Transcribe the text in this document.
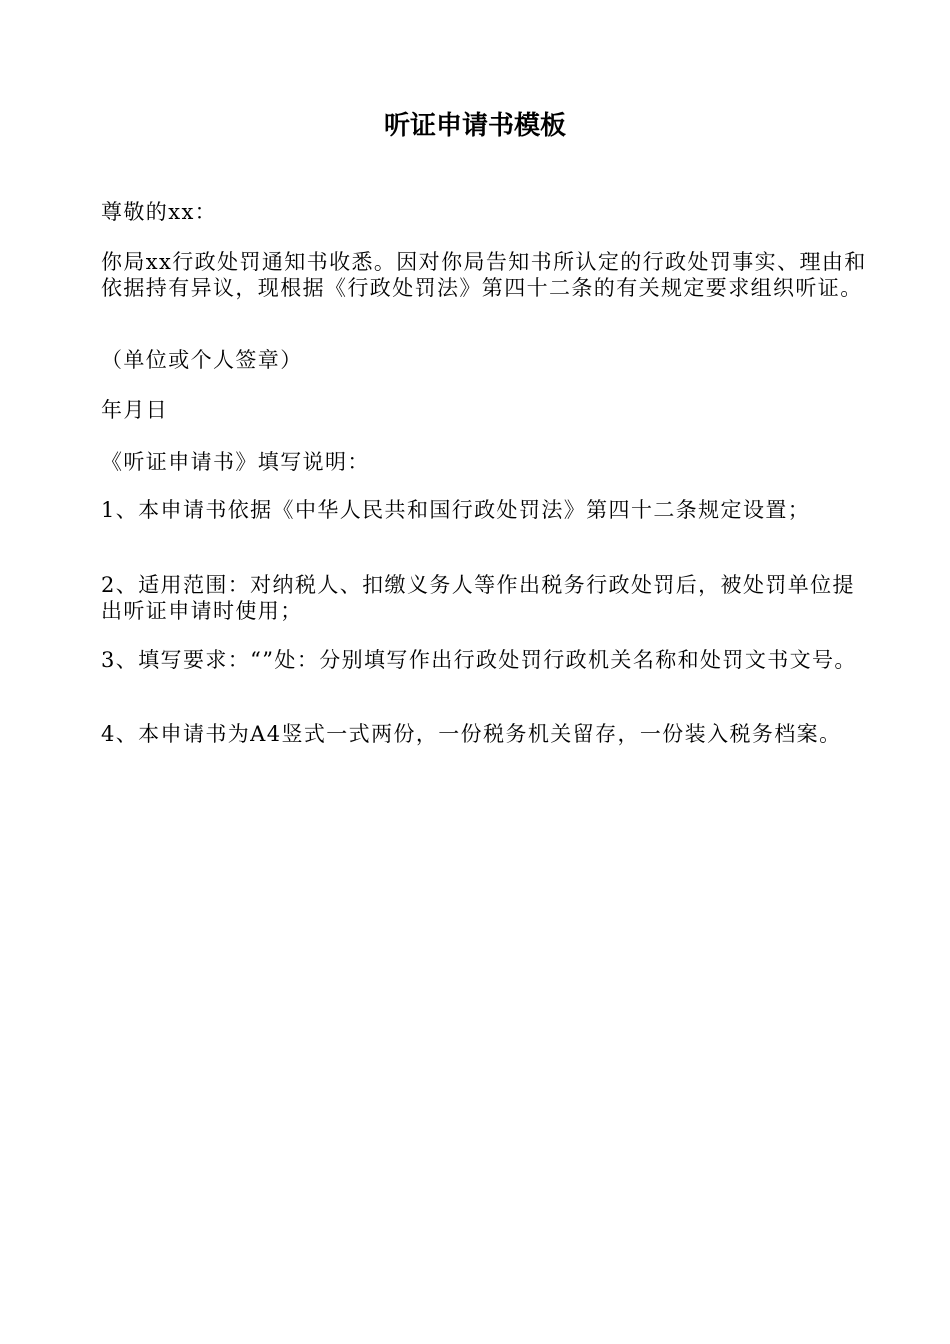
听证申请书模板

尊敬的xx：

你局xx行政处罚通知书收悉。因对你局告知书所认定的行政处罚事实、理由和依据持有异议，现根据《行政处罚法》第四十二条的有关规定要求组织听证。

（单位或个人签章）

年月日

《听证申请书》填写说明：

1、本申请书依据《中华人民共和国行政处罚法》第四十二条规定设置；

2、适用范围：对纳税人、扣缴义务人等作出税务行政处罚后，被处罚单位提出听证申请时使用；

3、填写要求：“”处：分别填写作出行政处罚行政机关名称和处罚文书文号。

4、本申请书为A4竖式一式两份，一份税务机关留存，一份装入税务档案。
